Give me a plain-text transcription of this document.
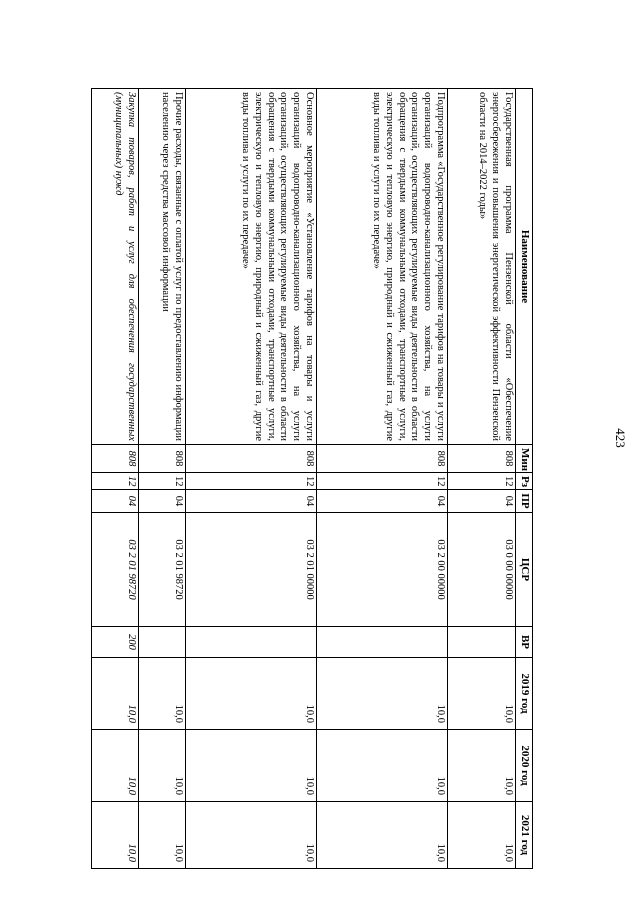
423
Наименование	Мин	Рз	ПР	ЦСР	ВР	2019 год	2020 год	2021 год
Государственная программа Пензенской области «Обеспечение энергосбережения и повышения энергетической эффективности Пензенской области на 2014–2022 годы»	808	12	04	03 0 00 00000		10,0	10,0	10,0
Подпрограмма «Государственное регулирование тарифов на товары и услуги организаций водопроводно-канализационного хозяйства, на услуги организаций, осуществляющих регулируемые виды деятельности в области обращения с твердыми коммунальными отходами, транспортные услуги, электрическую и тепловую энергию, природный и сжиженный газ, другие виды топлива и услуги по их передаче»	808	12	04	03 2 00 00000		10,0	10,0	10,0
Основное мероприятие «Установление тарифов на товары и услуги организаций водопроводно-канализационного хозяйства, на услуги организаций, осуществляющих регулируемые виды деятельности в области обращения с твердыми коммунальными отходами, транспортные услуги, электрическую и тепловую энергию, природный и сжиженный газ, другие виды топлива и услуги по их передаче»	808	12	04	03 2 01 00000		10,0	10,0	10,0
Прочие расходы, связанные с оплатой услуг по предоставлению информации населению через средства массовой информации	808	12	04	03 2 01 98720		10,0	10,0	10,0
Закупка товаров, работ и услуг для обеспечения государственных (муниципальных) нужд	808	12	04	03 2 01 98720	200	10,0	10,0	10,0
